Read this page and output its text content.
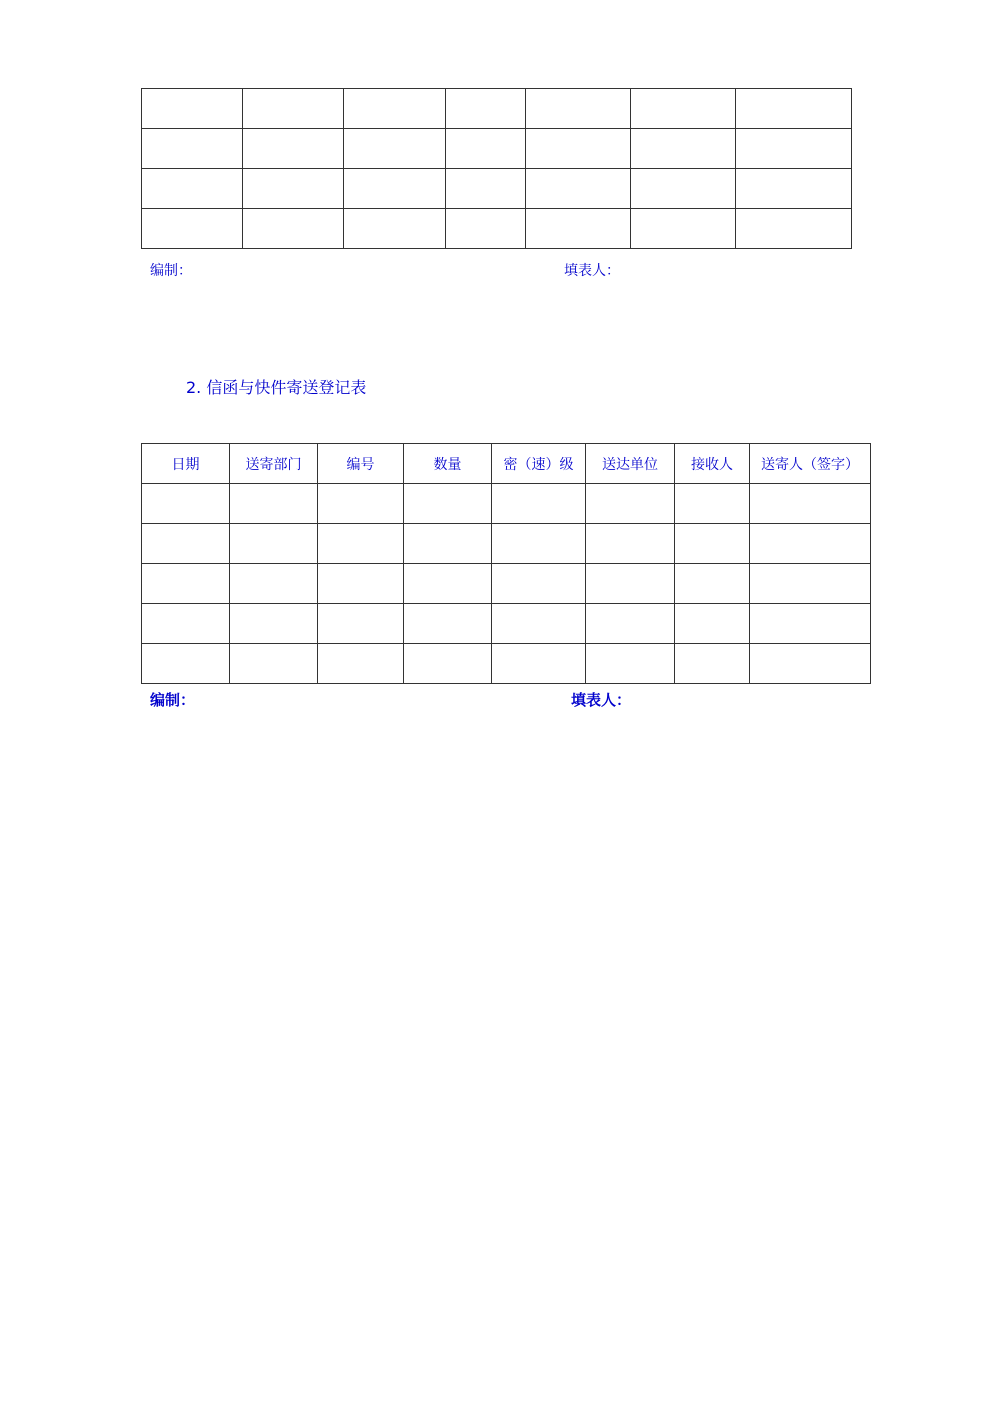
编制：	填表人：
2. 信函与快件寄送登记表
日期	送寄部门	编号	数量	密（速）级	送达单位	接收人	送寄人（签字）

编制：	填表人：
